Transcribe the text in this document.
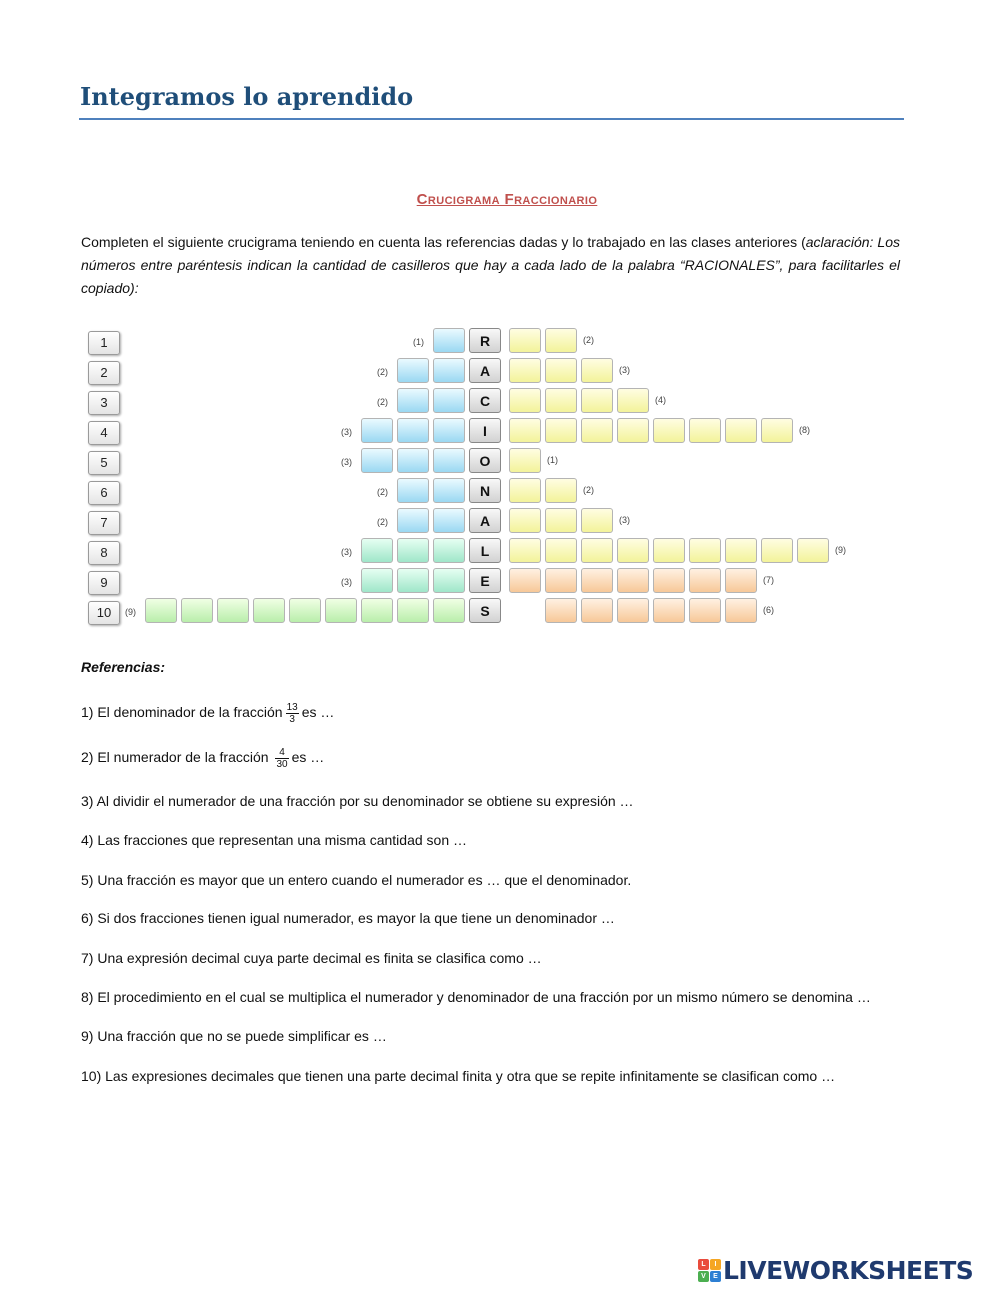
Integramos lo aprendido
Crucigrama Fraccionario

Completen el siguiente crucigrama teniendo en cuenta las referencias dadas y lo trabajado en las clases anteriores (aclaración: Los números entre paréntesis indican la cantidad de casilleros que hay a cada lado de la palabra “RACIONALES”, para facilitarles el copiado):

1	(1)	R	(2)
2	(2)	A	(3)
3	(2)	C	(4)
4	(3)	I	(8)
5	(3)	O	(1)
6	(2)	N	(2)
7	(2)	A	(3)
8	(3)	L	(9)
9	(3)	E	(7)
10	(9)	S	(6)
Referencias:
1) El denominador de la fracción $\frac{13}{3}$ es …
2) El numerador de la fracción $\frac{4}{30}$ es …
3) Al dividir el numerador de una fracción por su denominador se obtiene su expresión …
4) Las fracciones que representan una misma cantidad son …
5) Una fracción es mayor que un entero cuando el numerador es … que el denominador.
6) Si dos fracciones tienen igual numerador, es mayor la que tiene un denominador …
7) Una expresión decimal cuya parte decimal es finita se clasifica como …
8) El procedimiento en el cual se multiplica el numerador y denominador de una fracción por un mismo número se denomina …
9) Una fracción que no se puede simplificar es …
10) Las expresiones decimales que tienen una parte decimal finita y otra que se repite infinitamente se clasifican como …
L	I
V	E LIVEWORKSHEETS
